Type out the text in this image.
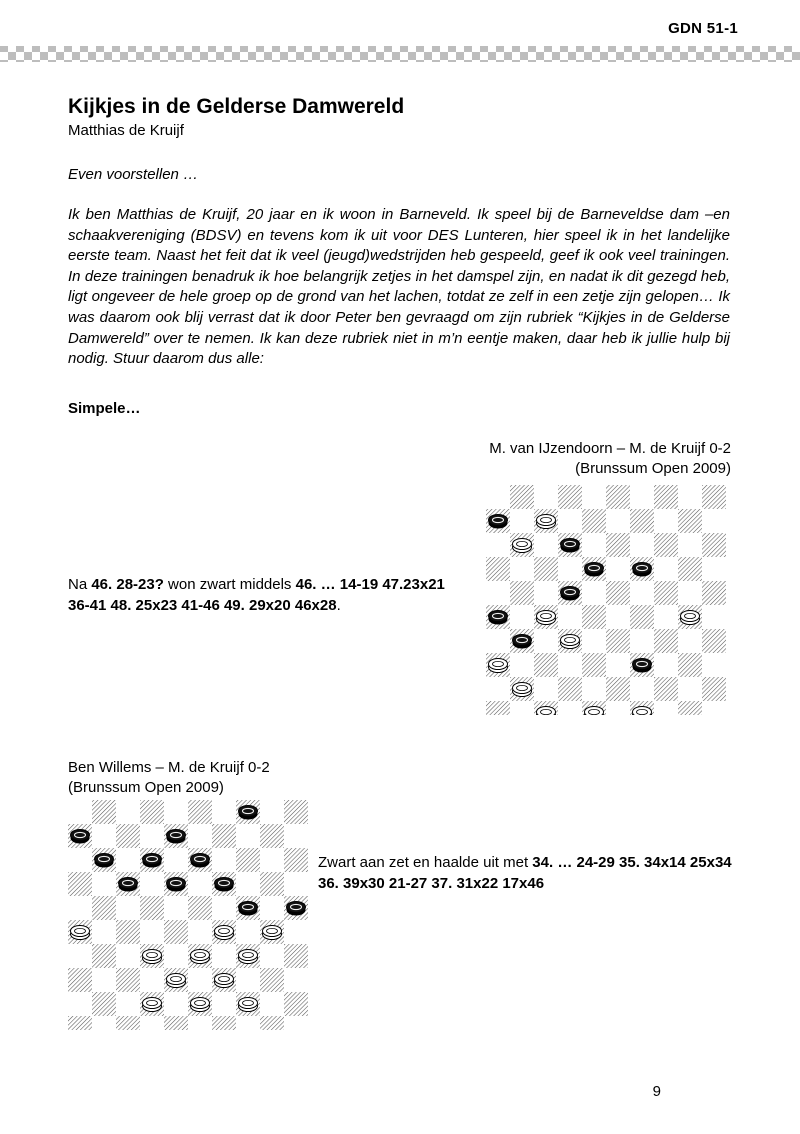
GDN 51-1
Kijkjes in de Gelderse Damwereld
Matthias de Kruijf
Even voorstellen …

Ik ben Matthias de Kruijf, 20 jaar en ik woon in Barneveld. Ik speel bij de Barneveldse dam –en schaakvereniging (BDSV) en tevens kom ik uit voor DES Lunteren, hier speel ik in het landelijke eerste team. Naast het feit dat ik veel (jeugd)wedstrijden heb gespeeld, geef ik ook veel trainingen. In deze trainingen benadruk ik hoe belangrijk zetjes in het damspel zijn, en nadat ik dit gezegd heb, ligt ongeveer de hele groep op de grond van het lachen, totdat ze zelf in een zetje zijn gelopen… Ik was daarom ook blij verrast dat ik door Peter ben gevraagd om zijn rubriek “Kijkjes in de Gelderse Damwereld” over te nemen. Ik kan deze rubriek niet in m’n eentje maken, daar heb ik jullie hulp bij nodig. Stuur daarom dus alle:

Simpele…
M. van IJzendoorn – M. de Kruijf 0-2
(Brunssum Open 2009)
Na 46. 28-23? won zwart middels 46. … 14-19 47.23x21 36-41 48. 25x23 41-46 49. 29x20 46x28.
Ben Willems – M. de Kruijf 0-2
(Brunssum Open 2009)
Zwart aan zet en haalde uit met 34. … 24-29 35. 34x14 25x34 36. 39x30 21-27 37. 31x22 17x46
9
